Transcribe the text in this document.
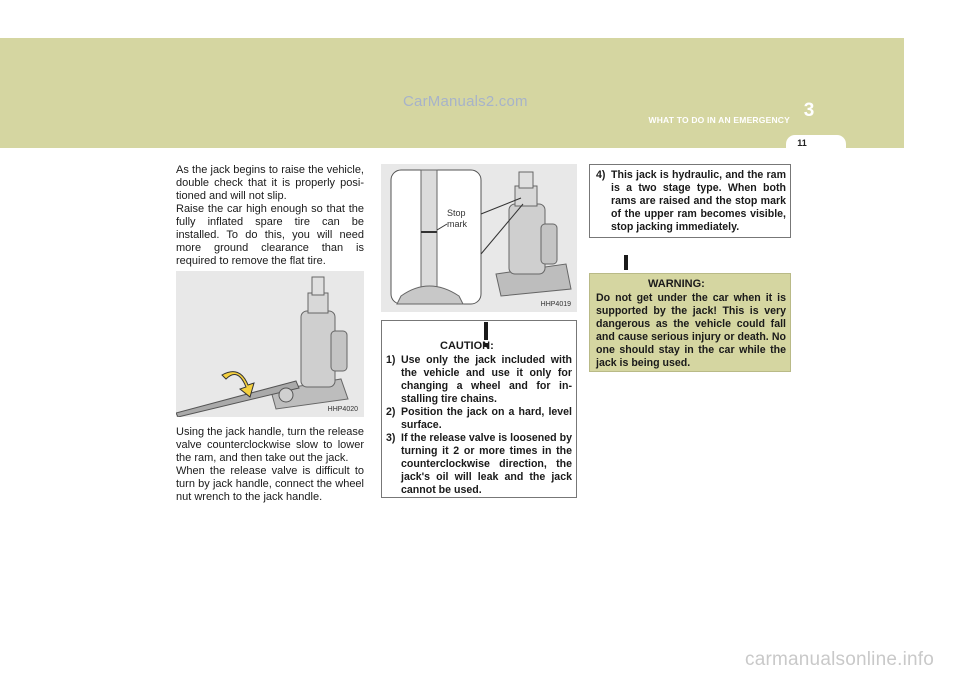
CarManuals2.com	3
WHAT TO DO IN AN EMERGENCY
11

As the jack begins to raise the vehicle, double check that it is properly posi- tioned and will not slip.

Raise the car high enough so that the fully inflated spare tire can be installed. To do this, you will need more ground clearance than is required to remove the flat tire.

HHP4020

Using the jack handle, turn the release valve counterclockwise slow to lower the ram, and then take out the jack.

When the release valve is difficult to turn by jack handle, connect the wheel nut wrench to the jack handle.

Stop
mark
HHP4019
CAUTION:
1) Use only the jack included with the vehicle and use it only for changing a wheel and for in- stalling tire chains.
2) Position the jack on a hard, level surface.
3) If the release valve is loosened by turning it 2 or more times in the counterclockwise direction, the jack's oil will leak and the jack cannot be used.
4) This jack is hydraulic, and the ram is a two stage type. When both rams are raised and the stop mark of the upper ram becomes visible, stop jacking immediately.
WARNING:

Do not get under the car when it is supported by the jack! This is very dangerous as the vehicle could fall and cause serious injury or death. No one should stay in the car while the jack is being used.

carmanualsonline.info
